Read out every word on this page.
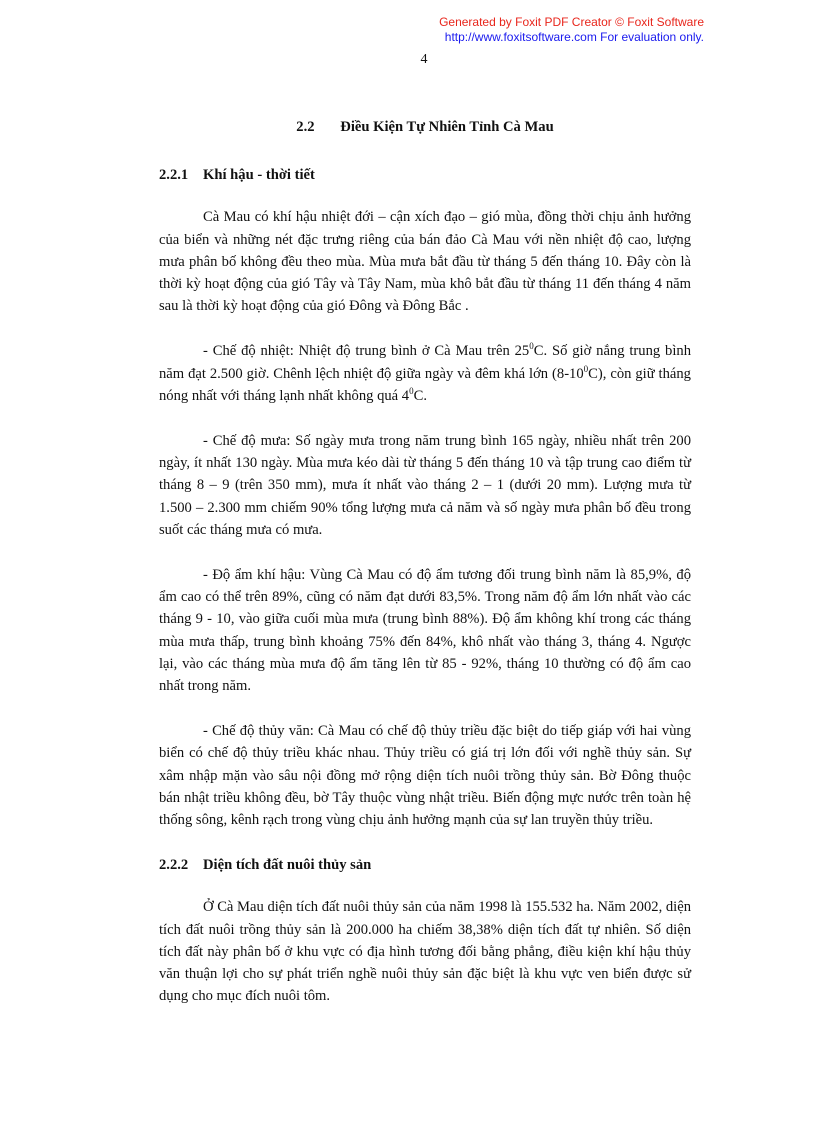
Generated by Foxit PDF Creator © Foxit Software
http://www.foxitsoftware.com For evaluation only.
4
2.2 Điều Kiện Tự Nhiên Tỉnh Cà Mau
2.2.1 Khí hậu - thời tiết

Cà Mau có khí hậu nhiệt đới – cận xích đạo – gió mùa, đồng thời chịu ảnh hưởng của biển và những nét đặc trưng riêng của bán đảo Cà Mau với nền nhiệt độ cao, lượng mưa phân bố không đều theo mùa. Mùa mưa bắt đầu từ tháng 5 đến tháng 10. Đây còn là thời kỳ hoạt động của gió Tây và Tây Nam, mùa khô bắt đầu từ tháng 11 đến tháng 4 năm sau là thời kỳ hoạt động của gió Đông và Đông Bắc .

- Chế độ nhiệt: Nhiệt độ trung bình ở Cà Mau trên $25^0C$. Số giờ nắng trung bình năm đạt 2.500 giờ. Chênh lệch nhiệt độ giữa ngày và đêm khá lớn $(8-10^0C)$, còn giữ tháng nóng nhất với tháng lạnh nhất không quá $4^0C$.

- Chế độ mưa: Số ngày mưa trong năm trung bình 165 ngày, nhiều nhất trên 200 ngày, ít nhất 130 ngày. Mùa mưa kéo dài từ tháng 5 đến tháng 10 và tập trung cao điểm từ tháng 8 – 9 (trên 350 mm), mưa ít nhất vào tháng 2 – 1 (dưới 20 mm). Lượng mưa từ 1.500 – 2.300 mm chiếm 90% tổng lượng mưa cả năm và số ngày mưa phân bố đều trong suốt các tháng mưa có mưa.

- Độ ẩm khí hậu: Vùng Cà Mau có độ ẩm tương đối trung bình năm là 85,9%, độ ẩm cao có thể trên 89%, cũng có năm đạt dưới 83,5%. Trong năm độ ẩm lớn nhất vào các tháng 9 - 10, vào giữa cuối mùa mưa (trung bình 88%). Độ ẩm không khí trong các tháng mùa mưa thấp, trung bình khoảng 75% đến 84%, khô nhất vào tháng 3, tháng 4. Ngược lại, vào các tháng mùa mưa độ ẩm tăng lên từ 85 - 92%, tháng 10 thường có độ ẩm cao nhất trong năm.

- Chế độ thủy văn: Cà Mau có chế độ thủy triều đặc biệt do tiếp giáp với hai vùng biển có chế độ thủy triều khác nhau. Thủy triều có giá trị lớn đối với nghề thủy sản. Sự xâm nhập mặn vào sâu nội đồng mở rộng diện tích nuôi trồng thủy sản. Bờ Đông thuộc bán nhật triều không đều, bờ Tây thuộc vùng nhật triều. Biến động mực nước trên toàn hệ thống sông, kênh rạch trong vùng chịu ảnh hưởng mạnh của sự lan truyền thủy triều.

2.2.2 Diện tích đất nuôi thủy sản

Ở Cà Mau diện tích đất nuôi thủy sản của năm 1998 là 155.532 ha. Năm 2002, diện tích đất nuôi trồng thủy sản là 200.000 ha chiếm 38,38% diện tích đất tự nhiên. Số diện tích đất này phân bố ở khu vực có địa hình tương đối bằng phẳng, điều kiện khí hậu thủy văn thuận lợi cho sự phát triển nghề nuôi thủy sản đặc biệt là khu vực ven biển được sử dụng cho mục đích nuôi tôm.
